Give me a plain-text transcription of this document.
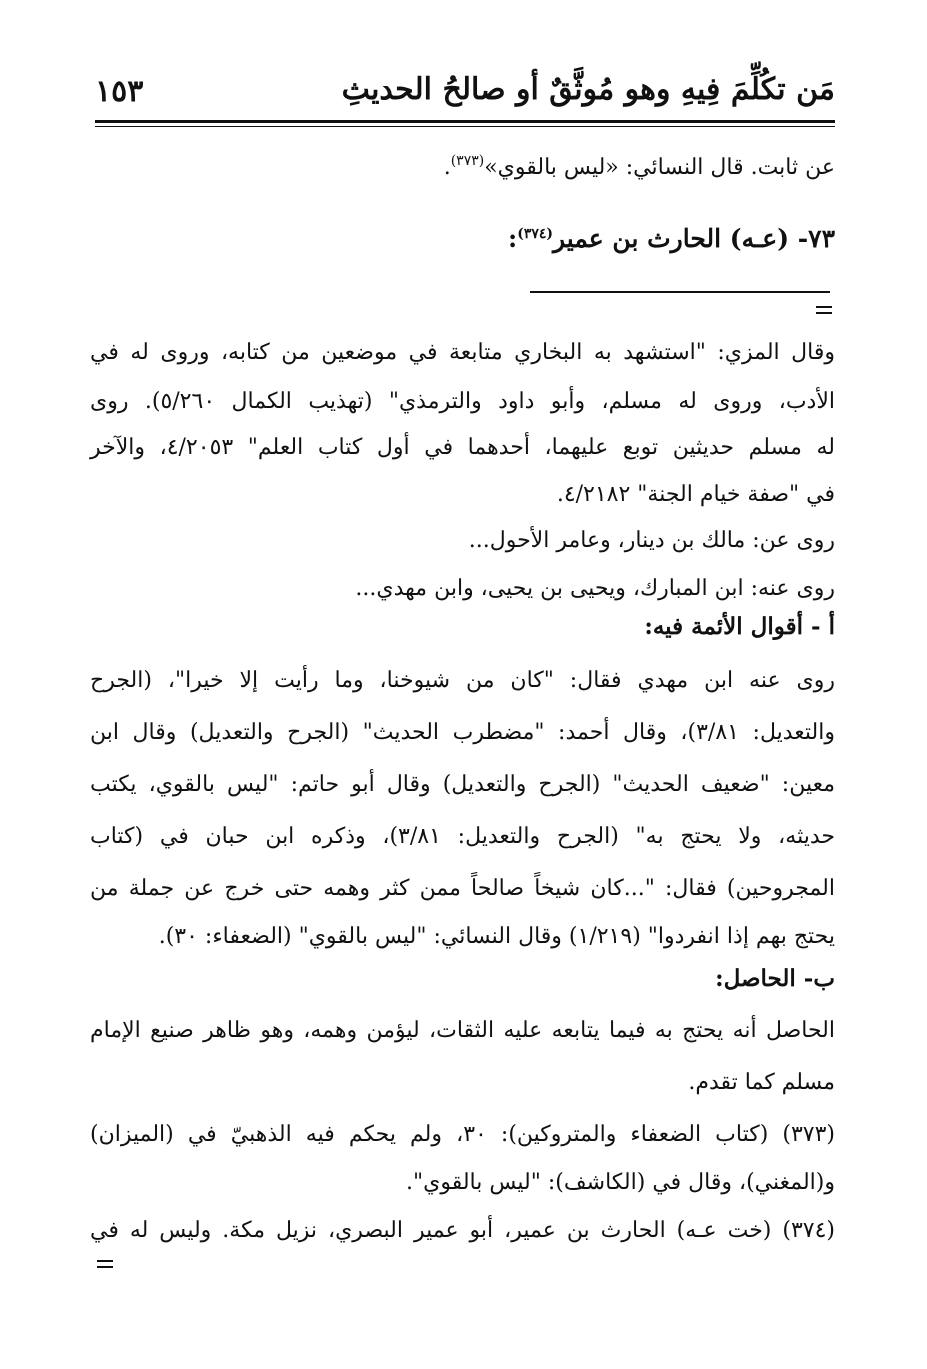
مَن تكُلِّمَ فِيهِ وهو مُوثَّقٌ أو صالحُ الحديثِ
١٥٣
عن ثابت. قال النسائي: «ليس بالقوي»$^{(٣٧٣)}$.
٧٣- (عـه) الحارث بن عمير$^{(٣٧٤)}$:
وقال المزي: "استشهد به البخاري متابعة في موضعين من كتابه، وروى له في
الأدب، وروى له مسلم، وأبو داود والترمذي" (تهذيب الكمال ٥/٢٦٠). روى
له مسلم حديثين توبع عليهما، أحدهما في أول كتاب العلم" ٤/٢٠٥٣، والآخر
في "صفة خيام الجنة" ٤/٢١٨٢.
روى عن: مالك بن دينار، وعامر الأحول...
روى عنه: ابن المبارك، ويحيى بن يحيى، وابن مهدي...
أ - أقوال الأئمة فيه:
روى عنه ابن مهدي فقال: "كان من شيوخنا، وما رأيت إلا خيرا"، (الجرح
والتعديل: ٣/٨١)، وقال أحمد: "مضطرب الحديث" (الجرح والتعديل) وقال ابن
معين: "ضعيف الحديث" (الجرح والتعديل) وقال أبو حاتم: "ليس بالقوي، يكتب
حديثه، ولا يحتج به" (الجرح والتعديل: ٣/٨١)، وذكره ابن حبان في (كتاب
المجروحين) فقال: "...كان شيخاً صالحاً ممن كثر وهمه حتى خرج عن جملة من
يحتج بهم إذا انفردوا" (١/٢١٩) وقال النسائي: "ليس بالقوي" (الضعفاء: ٣٠).
ب- الحاصل:
الحاصل أنه يحتج به فيما يتابعه عليه الثقات، ليؤمن وهمه، وهو ظاهر صنيع الإمام
مسلم كما تقدم.
(٣٧٣) (كتاب الضعفاء والمتروكين): ٣٠، ولم يحكم فيه الذهبيّ في (الميزان)
و(المغني)، وقال في (الكاشف): "ليس بالقوي".
(٣٧٤) (خت عـه) الحارث بن عمير، أبو عمير البصري، نزيل مكة. وليس له في
